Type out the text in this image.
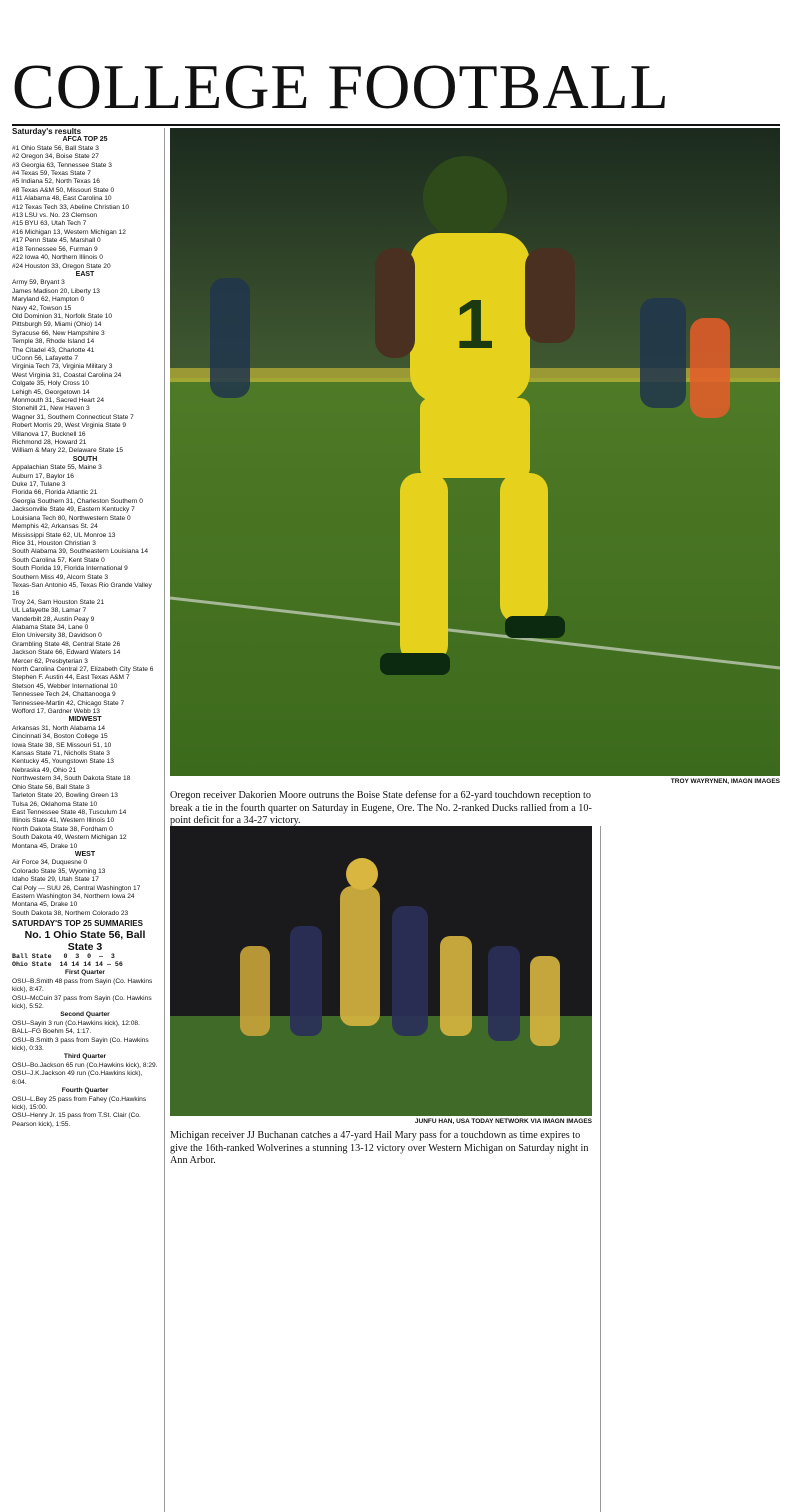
COLLEGE FOOTBALL

Saturday's results

AFCA TOP 25

#1 Ohio State 56, Ball State 3

#2 Oregon 34, Boise State 27

#3 Georgia 63, Tennessee State 3

#4 Texas 59, Texas State 7

#5 Indiana 52, North Texas 16

#8 Texas A&M 50, Missouri State 0

#11 Alabama 48, East Carolina 10

#12 Texas Tech 33, Abeline Christian 10

#13 LSU vs. No. 23 Clemson

#15 BYU 63, Utah Tech 7

#16 Michigan 13, Western Michigan 12

#17 Penn State 45, Marshall 0

#18 Tennessee 56, Furman 9

#22 Iowa 40, Northern Illinois 0

#24 Houston 33, Oregon State 20

EAST

Army 59, Bryant 3

James Madison 20, Liberty 13

Maryland 62, Hampton 0

Navy 42, Towson 15

Old Dominion 31, Norfolk State 10

Pittsburgh 59, Miami (Ohio) 14

Syracuse 66, New Hampshire 3

Temple 38, Rhode Island 14

The Citadel 43, Charlotte 41

UConn 56, Lafayette 7

Virginia Tech 73, Virginia Military 3

West Virginia 31, Coastal Carolina 24

Colgate 35, Holy Cross 10

Lehigh 45, Georgetown 14

Monmouth 31, Sacred Heart 24

Stonehill 21, New Haven 3

Wagner 31, Southern Connecticut State 7

Robert Morris 29, West Virginia State 9

Villanova 17, Bucknell 16

Richmond 28, Howard 21

William & Mary 22, Delaware State 15

SOUTH

Appalachian State 55, Maine 3

Auburn 17, Baylor 16

Duke 17, Tulane 3

Florida 66, Florida Atlantic 21

Georgia Southern 31, Charleston Southern 0

Jacksonville State 49, Eastern Kentucky 7

Louisiana Tech 80, Northwestern State 0

Memphis 42, Arkansas St. 24

Mississippi State 62, UL Monroe 13

Rice 31, Houston Christian 3

South Alabama 39, Southeastern Louisiana 14

South Carolina 57, Kent State 0

South Florida 19, Florida International 9

Southern Miss 49, Alcorn State 3

Texas-San Antonio 45, Texas Rio Grande Valley 16

Troy 24, Sam Houston State 21

UL Lafayette 38, Lamar 7

Vanderbilt 28, Austin Peay 9

Alabama State 34, Lane 0

Elon University 38, Davidson 0

Grambling State 48, Central State 26

Jackson State 66, Edward Waters 14

Mercer 62, Presbyterian 3

North Carolina Central 27, Elizabeth City State 6

Stephen F. Austin 44, East Texas A&M 7

Stetson 45, Webber International 10

Tennessee Tech 24, Chattanooga 9

Tennessee-Martin 42, Chicago State 7

Wofford 17, Gardner Webb 13

MIDWEST

Arkansas 31, North Alabama 14

Cincinnati 34, Boston College 15

Iowa State 38, SE Missouri 51, 10

Kansas State 71, Nicholls State 3

Kentucky 45, Youngstown State 13

Nebraska 49, Ohio 21

Northwestern 34, South Dakota State 18

Ohio State 56, Ball State 3

Tarleton State 20, Bowling Green 13

Tulsa 26, Oklahoma State 10

East Tennessee State 48, Tusculum 14

Illinois State 41, Western Illinois 10

North Dakota State 38, Fordham 0

South Dakota 49, Western Michigan 12

Montana 45, Drake 10

WEST

Air Force 34, Duquesne 0

Colorado State 35, Wyoming 13

Idaho State 29, Utah State 17

Cal Poly — SUU 26, Central Washington 17

Eastern Washington 34, Northern Iowa 24

Montana 45, Drake 10

South Dakota 38, Northern Colorado 23

SATURDAY'S TOP 25 SUMMARIES

No. 1 Ohio State 56, Ball State 3

Ball State   0  3  0  —  3

Ohio State  14 14 14 14 — 56

First Quarter

OSU–B.Smith 48 pass from Sayin (Co. Hawkins kick), 8:47.
OSU–McCuin 37 pass from Sayin (Co. Hawkins kick), 5:52.

Second Quarter

OSU–Sayin 3 run (Co.Hawkins kick), 12:08.
BALL–FG Boehm 54, 1:17.
OSU–B.Smith 3 pass from Sayin (Co. Hawkins kick), 0:33.

Third Quarter

OSU–Bo.Jackson 65 run (Co.Hawkins kick), 8:29.
OSU–J.K.Jackson 49 run (Co.Hawkins kick), 6:04.

Fourth Quarter

OSU–L.Bey 25 pass from Fahey (Co.Hawkins kick), 15:00.
OSU–Henry Jr. 15 pass from T.St. Clair (Co. Pearson kick), 1:55.

1
TROY WAYRYNEN, IMAGN IMAGES
Oregon receiver Dakorien Moore outruns the Boise State defense for a 62-yard touchdown reception to break a tie in the fourth quarter on Saturday in Eugene, Ore. The No. 2-ranked Ducks rallied from a 10-point deficit for a 34-27 victory.
JUNFU HAN, USA TODAY NETWORK VIA IMAGN IMAGES
Michigan receiver JJ Buchanan catches a 47-yard Hail Mary pass for a touchdown as time expires to give the 16th-ranked Wolverines a stunning 13-12 victory over Western Michigan on Saturday night in Ann Arbor.
